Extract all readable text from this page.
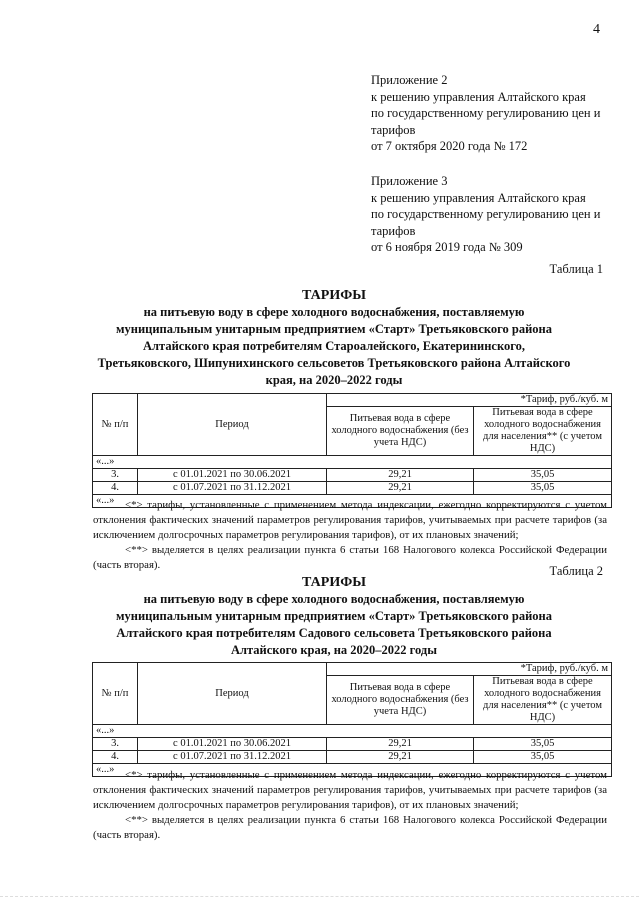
4
Приложение 2
к решению управления Алтайского края
по государственному регулированию цен и
тарифов
от 7 октября 2020 года № 172
Приложение 3
к решению управления Алтайского края
по государственному регулированию цен и
тарифов
от 6 ноября 2019 года № 309
Таблица 1
ТАРИФЫ
на питьевую воду в сфере холодного водоснабжения, поставляемую
муниципальным унитарным предприятием «Старт» Третьяковского района
Алтайского края потребителям Староалейского, Екатерининского,
Третьяковского, Шипунихинского сельсоветов Третьяковского района Алтайского
края, на 2020–2022 годы
№ п/п	Период	*Тариф, руб./куб. м	
		Питьевая вода в сфере холодного водоснабжения (без учета НДС)	Питьевая вода в сфере холодного водоснабжения для населения** (с учетом НДС)
«...»			
3.	с 01.01.2021 по 30.06.2021	29,21	35,05
4.	с 01.07.2021 по 31.12.2021	29,21	35,05
«...»			<*> тарифы, установленные с применением метода индексации, ежегодно корректируются с учетом отклонения фактических значений параметров регулирования тарифов, учитываемых при расчете тарифов (за исключением долгосрочных параметров регулирования тарифов), от их плановых значений;

<**> выделяется в целях реализации пункта 6 статьи 168 Налогового колекса Российской Федерации (часть вторая).	Таблица 2
ТАРИФЫ
на питьевую воду в сфере холодного водоснабжения, поставляемую
муниципальным унитарным предприятием «Старт» Третьяковского района
Алтайского края потребителям Садового сельсовета Третьяковского района
Алтайского края, на 2020–2022 годы
№ п/п	Период	*Тариф, руб./куб. м	
		Питьевая вода в сфере холодного водоснабжения (без учета НДС)	Питьевая вода в сфере холодного водоснабжения для населения** (с учетом НДС)
«...»			
3.	с 01.01.2021 по 30.06.2021	29,21	35,05
4.	с 01.07.2021 по 31.12.2021	29,21	35,05
«...»			<*> тарифы, установленные с применением метода индексации, ежегодно корректируются с учетом отклонения фактических значений параметров регулирования тарифов, учитываемых при расчете тарифов (за исключением долгосрочных параметров регулирования тарифов), от их плановых значений;

<**> выделяется в целях реализации пункта 6 статьи 168 Налогового колекса Российской Федерации (часть вторая).
